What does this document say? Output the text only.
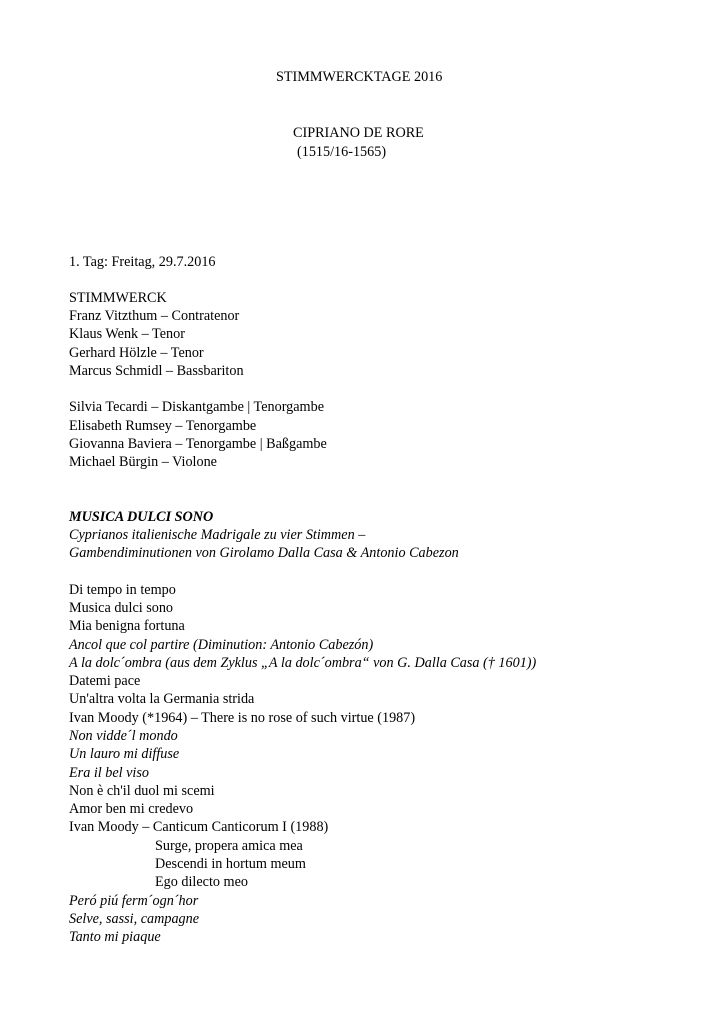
STIMMWERCKTAGE 2016
CIPRIANO DE RORE
(1515/16-1565)
1. Tag: Freitag, 29.7.2016
STIMMWERCK
Franz Vitzthum – Contratenor
Klaus Wenk – Tenor
Gerhard Hölzle – Tenor
Marcus Schmidl – Bassbariton
Silvia Tecardi – Diskantgambe | Tenorgambe
Elisabeth Rumsey – Tenorgambe
Giovanna Baviera – Tenorgambe | Baßgambe
Michael Bürgin – Violone
MUSICA DULCI SONO
Cyprianos italienische Madrigale zu vier Stimmen –
Gambendiminutionen von Girolamo Dalla Casa & Antonio Cabezon
Di tempo in tempo
Musica dulci sono
Mia benigna fortuna
Ancol que col partire (Diminution: Antonio Cabezón)
A la dolc´ombra (aus dem Zyklus „A la dolc´ombra“ von G. Dalla Casa († 1601))
Datemi pace
Un'altra volta la Germania strida
Ivan Moody (*1964) – There is no rose of such virtue (1987)
Non vidde´l mondo
Un lauro mi diffuse
Era il bel viso
Non è ch'il duol mi scemi
Amor ben mi credevo
Ivan Moody – Canticum Canticorum I (1988)
Surge, propera amica mea
Descendi in hortum meum
Ego dilecto meo
Peró piú ferm´ogn´hor
Selve, sassi, campagne
Tanto mi piaque
